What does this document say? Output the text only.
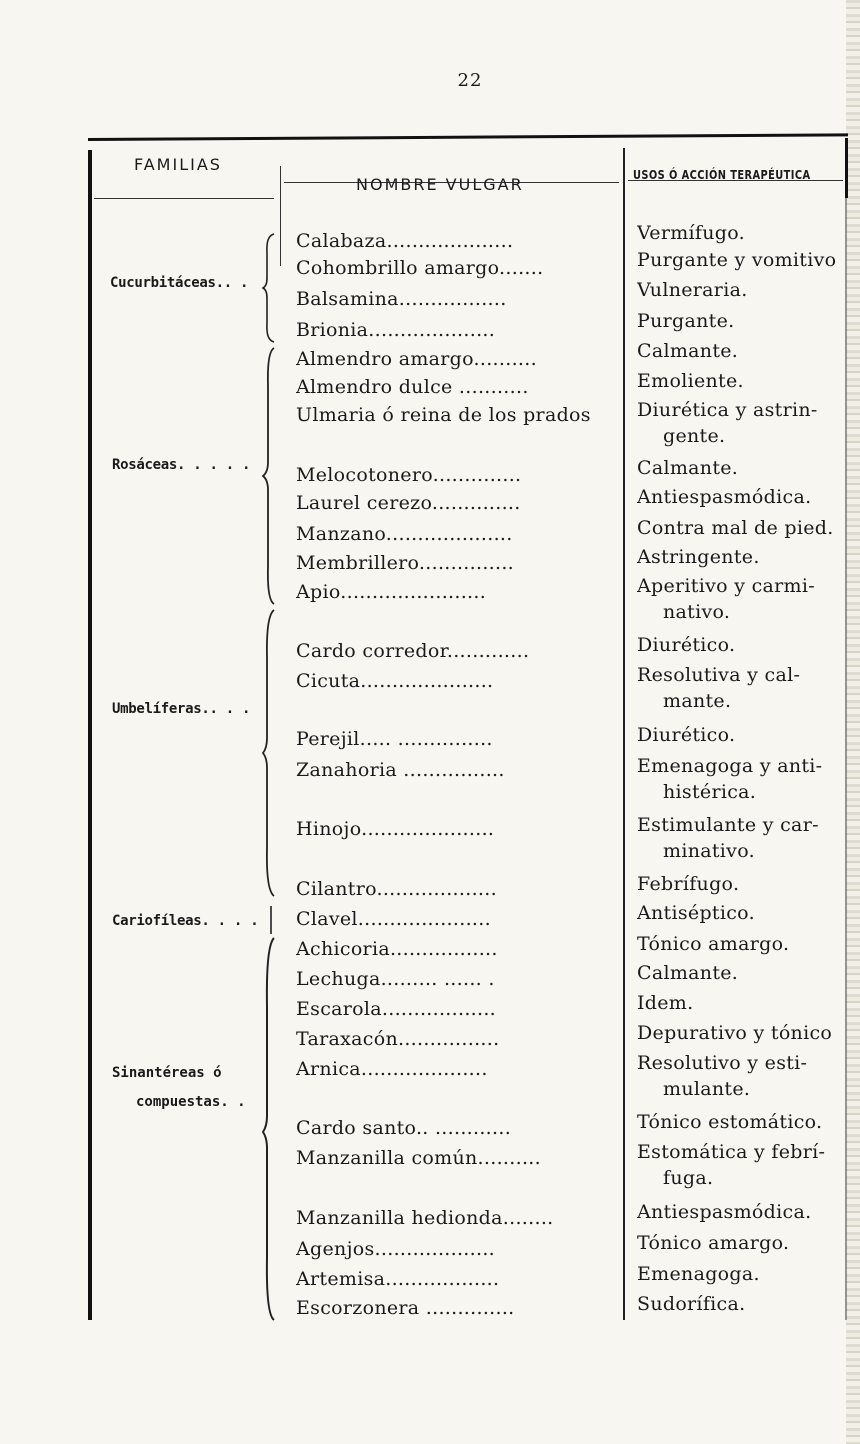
22
FAMILIAS
NOMBRE VULGAR	USOS Ó ACCIÓN TERAPÉUTICA
Cucurbitáceas.. .
Rosáceas. . . . .
Umbelíferas.. . .
Cariofíleas. . . .
Sinantéreas ó
compuestas. .
Calabaza....................	Vermífugo.
Cohombrillo amargo.......	Purgante y vomitivo
Balsamina.................	Vulneraria.
Brionia....................	Purgante.
Almendro amargo..........	Calmante.
Almendro dulce ...........	Emoliente.
Ulmaria ó reina de los prados	Diurética y astrin-
gente.
Melocotonero..............	Calmante.
Laurel cerezo..............	Antiespasmódica.
Manzano....................	Contra mal de pied.
Membrillero...............	Astringente.
Apio.......................	Aperitivo y carmi-
nativo.
Cardo corredor.............	Diurético.
Cicuta.....................	Resolutiva y cal-
mante.
Perejil..... ...............	Diurético.
Zanahoria ................	Emenagoga y anti-
histérica.
Hinojo.....................	Estimulante y car-
minativo.
Cilantro...................	Febrífugo.
Clavel.....................	Antiséptico.
Achicoria.................	Tónico amargo.
Lechuga......... ...... .	Calmante.
Escarola..................	Idem.
Taraxacón................	Depurativo y tónico
Arnica....................	Resolutivo y esti-
mulante.
Cardo santo.. ............	Tónico estomático.
Manzanilla común..........	Estomática y febrí-
fuga.
Manzanilla hedionda........	Antiespasmódica.
Agenjos...................	Tónico amargo.
Artemisa..................	Emenagoga.
Escorzonera ..............	Sudorífica.
